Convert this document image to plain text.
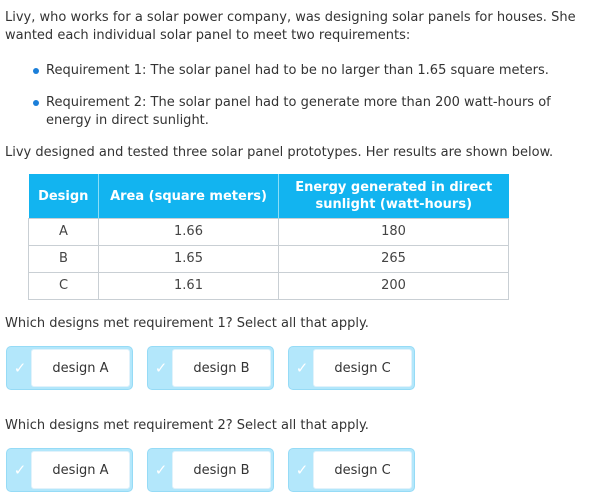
Livy, who works for a solar power company, was designing solar panels for houses. She wanted each individual solar panel to meet two requirements:

Requirement 1: The solar panel had to be no larger than 1.65 square meters.
Requirement 2: The solar panel had to generate more than 200 watt-hours of energy in direct sunlight.

Livy designed and tested three solar panel prototypes. Her results are shown below.

Design	Area (square meters)	Energy generated in direct sunlight (watt-hours)
A	1.66	180
B	1.65	265
C	1.61	200

Which designs met requirement 1? Select all that apply.

✓	design A	✓	design B	✓	design C

Which designs met requirement 2? Select all that apply.

✓	design A	✓	design B	✓	design C
